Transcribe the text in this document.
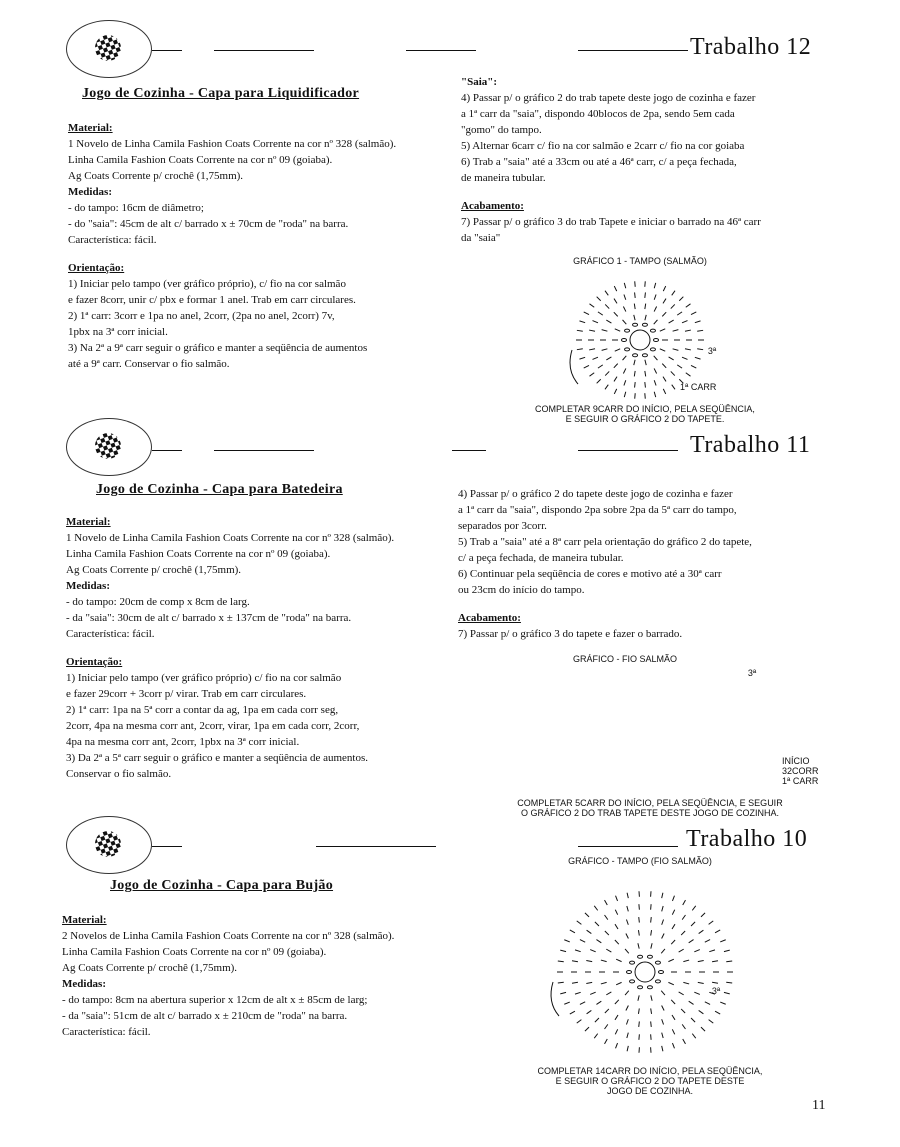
Trabalho 12
Jogo de Cozinha - Capa para Liquidificador

Material:

1 Novelo de Linha Camila Fashion Coats Corrente na cor nº 328 (salmão).

Linha Camila Fashion Coats Corrente na cor nº 09 (goiaba).

Ag Coats Corrente p/ crochê (1,75mm).

Medidas:

- do tampo: 16cm de diâmetro;

- do "saia": 45cm de alt c/ barrado x ± 70cm de "roda" na barra.

Característica: fácil.

Orientação:

1) Iniciar pelo tampo (ver gráfico próprio), c/ fio na cor salmão

e fazer 8corr, unir c/ pbx e formar 1 anel. Trab em carr circulares.

2) 1ª carr: 3corr e 1pa no anel, 2corr, (2pa no anel, 2corr) 7v,

1pbx na 3ª corr inicial.

3) Na 2ª a 9ª carr seguir o gráfico e manter a seqüência de aumentos

até a 9ª carr. Conservar o fio salmão.

"Saia":

4) Passar p/ o gráfico 2 do trab tapete deste jogo de cozinha e fazer

a 1ª carr da "saia", dispondo 40blocos de 2pa, sendo 5em cada

"gomo" do tampo.

5) Alternar 6carr c/ fio na cor salmão e 2carr c/ fio na cor goiaba

6) Trab a "saia" até a 33cm ou até a 46ª carr, c/ a peça fechada,

de maneira tubular.

Acabamento:

7) Passar p/ o gráfico 3 do trab Tapete e iniciar o barrado na 46ª carr

da "saia"

GRÁFICO 1 - TAMPO (SALMÃO)
1ª CARR
3ª
COMPLETAR 9CARR DO INÍCIO, PELA SEQÜÊNCIA,
E SEGUIR O GRÁFICO 2 DO TAPETE.
Trabalho 11
Jogo de Cozinha - Capa para Batedeira

Material:

1 Novelo de Linha Camila Fashion Coats Corrente na cor nº 328 (salmão).

Linha Camila Fashion Coats Corrente na cor nº 09 (goiaba).

Ag Coats Corrente p/ crochê (1,75mm).

Medidas:

- do tampo: 20cm de comp x 8cm de larg.

- da "saia": 30cm de alt c/ barrado x ± 137cm de "roda" na barra.

Característica: fácil.

Orientação:

1) Iniciar pelo tampo (ver gráfico próprio) c/ fio na cor salmão

e fazer 29corr + 3corr p/ virar. Trab em carr circulares.

2) 1ª carr: 1pa na 5ª corr a contar da ag, 1pa em cada corr seg,

2corr, 4pa na mesma corr ant, 2corr, virar, 1pa em cada corr, 2corr,

4pa na mesma corr ant, 2corr, 1pbx na 3ª corr inicial.

3) Da 2ª a 5ª carr seguir o gráfico e manter a seqüência de aumentos.

Conservar o fio salmão.

4) Passar p/ o gráfico 2 do tapete deste jogo de cozinha e fazer

a 1ª carr da "saia", dispondo 2pa sobre 2pa da 5ª carr do tampo,

separados por 3corr.

5) Trab a "saia" até a 8ª carr pela orientação do gráfico 2 do tapete,

c/ a peça fechada, de maneira tubular.

6) Continuar pela seqüência de cores e motivo até a 30ª carr

ou 23cm do início do tampo.

Acabamento:

7) Passar p/ o gráfico 3 do tapete e fazer o barrado.

GRÁFICO - FIO SALMÃO
INÍCIO
32CORR
1ª CARR
3ª
COMPLETAR 5CARR DO INÍCIO, PELA SEQÜÊNCIA, E SEGUIR
O GRÁFICO 2 DO TRAB TAPETE DESTE JOGO DE COZINHA.
Trabalho 10
Jogo de Cozinha - Capa para Bujão

Material:

2 Novelos de Linha Camila Fashion Coats Corrente na cor nº 328 (salmão).

Linha Camila Fashion Coats Corrente na cor nº 09 (goiaba).

Ag Coats Corrente p/ crochê (1,75mm).

Medidas:

- do tampo: 8cm na abertura superior x 12cm de alt x ± 85cm de larg;

- da "saia": 51cm de alt c/ barrado x ± 210cm de "roda" na barra.

Característica: fácil.

GRÁFICO - TAMPO (FIO SALMÃO)
3ª
COMPLETAR 14CARR DO INÍCIO, PELA SEQÜÊNCIA,
E SEGUIR O GRÁFICO 2 DO TAPETE DESTE
JOGO DE COZINHA.
11
